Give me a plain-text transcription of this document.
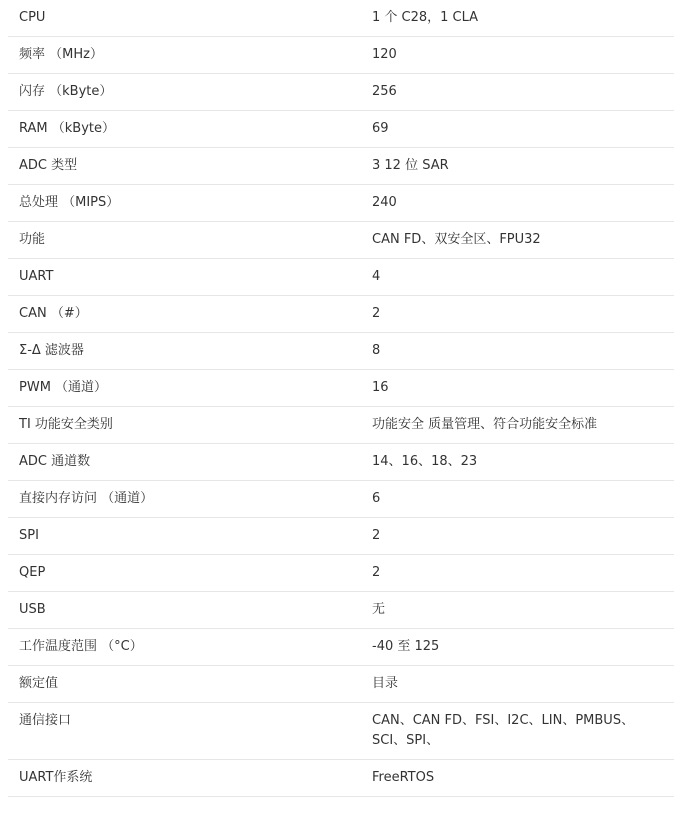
CPU	1 个 C28，1 CLA
频率 （MHz）	120
闪存 （kByte）	256
RAM （kByte）	69
ADC 类型	3 12 位 SAR
总处理 （MIPS）	240
功能	CAN FD、双安全区、FPU32
UART	4
CAN （#）	2
Σ-Δ 滤波器	8
PWM （通道）	16
TI 功能安全类别	功能安全 质量管理、符合功能安全标准
ADC 通道数	14、16、18、23
直接内存访问 （通道）	6
SPI	2
QEP	2
USB	无
工作温度范围 （°C）	-40 至 125
额定值	目录
通信接口	CAN、CAN FD、FSI、I2C、LIN、PMBUS、SCI、SPI、
UART作系统	FreeRTOS
